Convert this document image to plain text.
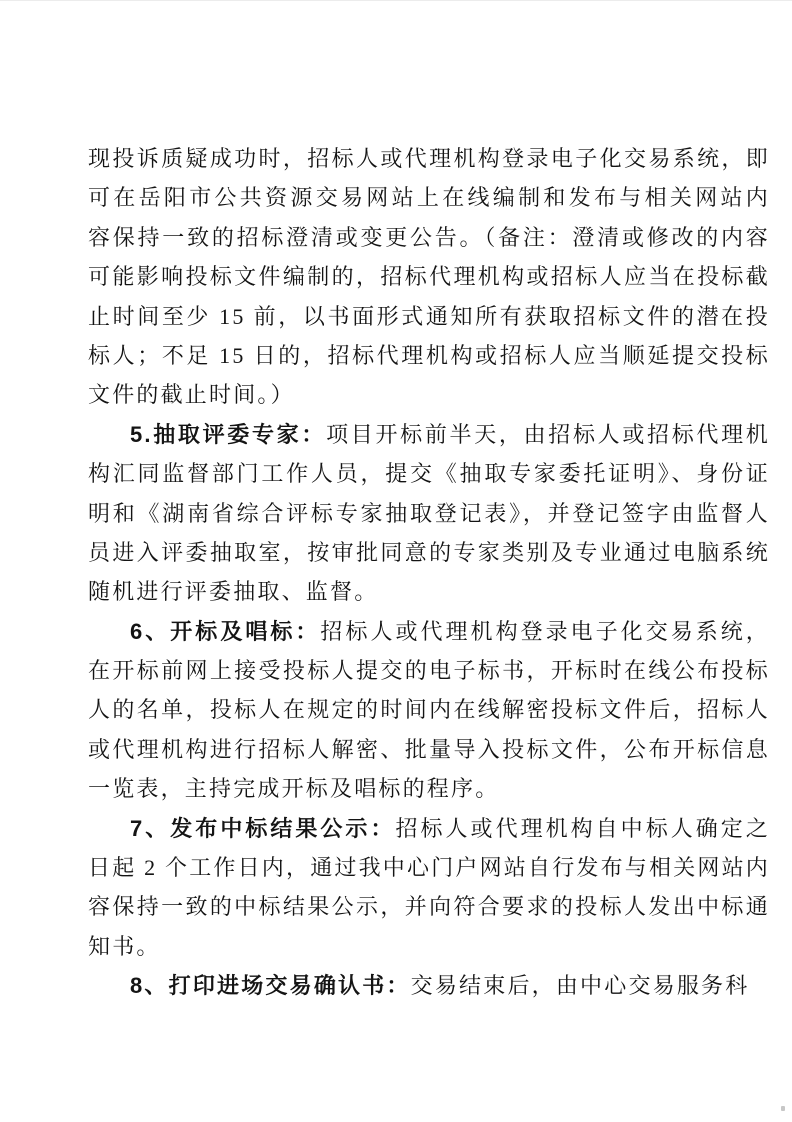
现投诉质疑成功时，招标人或代理机构登录电子化交易系统，即
可在岳阳市公共资源交易网站上在线编制和发布与相关网站内
容保持一致的招标澄清或变更公告。（备注：澄清或修改的内容
可能影响投标文件编制的，招标代理机构或招标人应当在投标截
止时间至少 15 前，以书面形式通知所有获取招标文件的潜在投
标人；不足 15 日的，招标代理机构或招标人应当顺延提交投标
文件的截止时间。）
5.抽取评委专家：项目开标前半天，由招标人或招标代理机
构汇同监督部门工作人员，提交《抽取专家委托证明》、身份证
明和《湖南省综合评标专家抽取登记表》，并登记签字由监督人
员进入评委抽取室，按审批同意的专家类别及专业通过电脑系统
随机进行评委抽取、监督。
6、开标及唱标：招标人或代理机构登录电子化交易系统，
在开标前网上接受投标人提交的电子标书，开标时在线公布投标
人的名单，投标人在规定的时间内在线解密投标文件后，招标人
或代理机构进行招标人解密、批量导入投标文件，公布开标信息
一览表，主持完成开标及唱标的程序。
7、发布中标结果公示：招标人或代理机构自中标人确定之
日起 2 个工作日内，通过我中心门户网站自行发布与相关网站内
容保持一致的中标结果公示，并向符合要求的投标人发出中标通
知书。
8、打印进场交易确认书：交易结束后，由中心交易服务科
